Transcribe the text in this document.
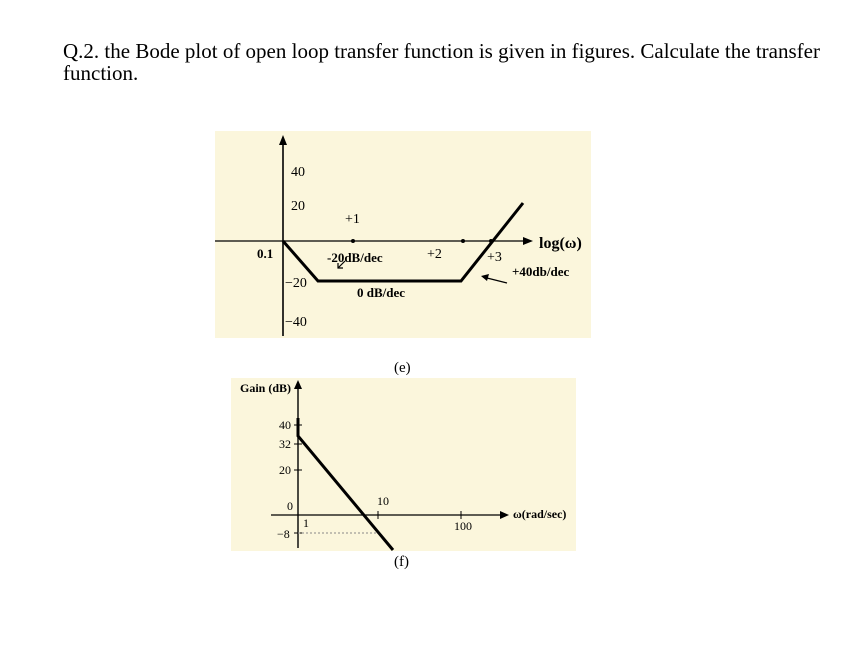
Q.2. the Bode plot of open loop transfer function is given in figures. Calculate the transfer function.

40
20
−20
−40
0.1
+1
+2	+3
-20dB/dec
0 dB/dec
+40db/dec
log(ω)
(e)
Gain (dB)
ω(rad/sec)
40
32
20
0
−8
1
10
100
(f)
